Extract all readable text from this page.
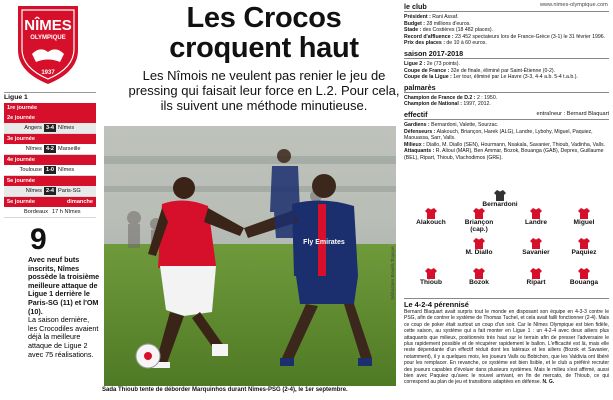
NÎMES
OLYMPIQUE
1937
Ligue 1
1re journée
2e journée
Angers 3-4 Nîmes
3e journée
Nîmes 4-2 Marseille
4e journée
Toulouse 1-0 Nîmes
5e journée
Nîmes 2-4 Paris-SG
5e journée	dimanche
Bordeaux 17 h Nîmes
9
Avec neuf buts inscrits, Nîmes possède la troisième meilleure attaque de Ligue 1 derrière le Paris-SG (11) et l'OM (10).
La saison dernière, les Crocodiles avaient déjà la meilleure attaque de Ligue 2 avec 75 réalisations.
Les Crocos croquent haut
Les Nîmois ne veulent pas renier le jeu de pressing qui faisait leur force en L.2. Pour cela, ils suivent une méthode minutieuse.
Fly Emirates
Sébastien Boué/L'Équipe
Sada Thioub tente de déborder Marquinhos durant Nîmes-PSG (2-4), le 1er septembre.
www.nimes-olympique.com
le club
Président : Rani Assaf.
Budget : 28 millions d'euros.
Stade : des Costières (18 482 places).
Record d'affluence : 23 452 spectateurs lors de France-Grèce (3-1) le 31 février 1996.
Prix des places : de 10 à 60 euros.
saison 2017-2018
Ligue 2 : 2e (73 points).
Coupe de France : 32e de finale, éliminé par Saint-Étienne (0-2).
Coupe de la Ligue : 1er tour, éliminé par Le Havre (3-3, 4-4 a.b. 5-4 t.a.b.).
palmarès
Champion de France de D.2 : 2 : 1950.
Champion de National : 1997, 2012.
effectif	entraîneur : Bernard Blaquart
Gardiens : Bernardoni, Valette, Sourzac.
Défenseurs : Alakouch, Briançon, Harek (ALG), Landre, Lybohy, Miguel, Paquiez, Maouassa, Sarr, Valls.
Milieux : Diallo, M. Diallo (SEN), Hourmann, Nsakala, Savanier, Thioub, Vadinha, Valls.
Attaquants : R. Alioui (MAR), Ben Ammar, Bozok, Bouanga (GAB), Depres, Guillaume (BEL), Ripart, Thioub, Vlachodimos (GRE).
Bernardoni
Alakouch	Briançon
(cap.)
Landre	Miguel
Paquiez
M. Diallo	Savanier
Thioub	Bozok	Ripart	Bouanga
Le 4-2-4 pérennisé
Bernard Blaquart avait surpris tout le monde en disposant son équipe en 4-3-3 contre le PSG, afin de contrer le système de Thomas Tuchel, et cela avait failli fonctionner (2-4). Mais ce coup de poker était surtout un coup d'un soir. Car le Nîmes Olympique est bien fidèle, cette saison, au système qui a fait monter en Ligue 1 : un 4-2-4 avec deux ailiers plus attaquants que milieux, positionnés très haut sur le terrain afin de presser l'adversaire le plus rapidement possible et de récupérer rapidement le ballon. L'efficacité est là, mais elle reste dépendante d'un effectif réduit dont les latéraux et les ailiers (Bozok et Savanier, notamment), il y a quelques mois, les joueurs Valls ou Bobichon, que les Valdivia ont libéré pour les remplacer. En revanche, ce système est bien lisible, et le club a préféré recruter des joueurs capables d'évoluer dans plusieurs systèmes. Mais le milieu s'est affirmé, aussi bien avec Paquiez qu'avec le nouvel arrivant, en fin de mercato, de Thioub, ce qui correspond au plan de jeu et transitions adaptées en défense. N. G.
